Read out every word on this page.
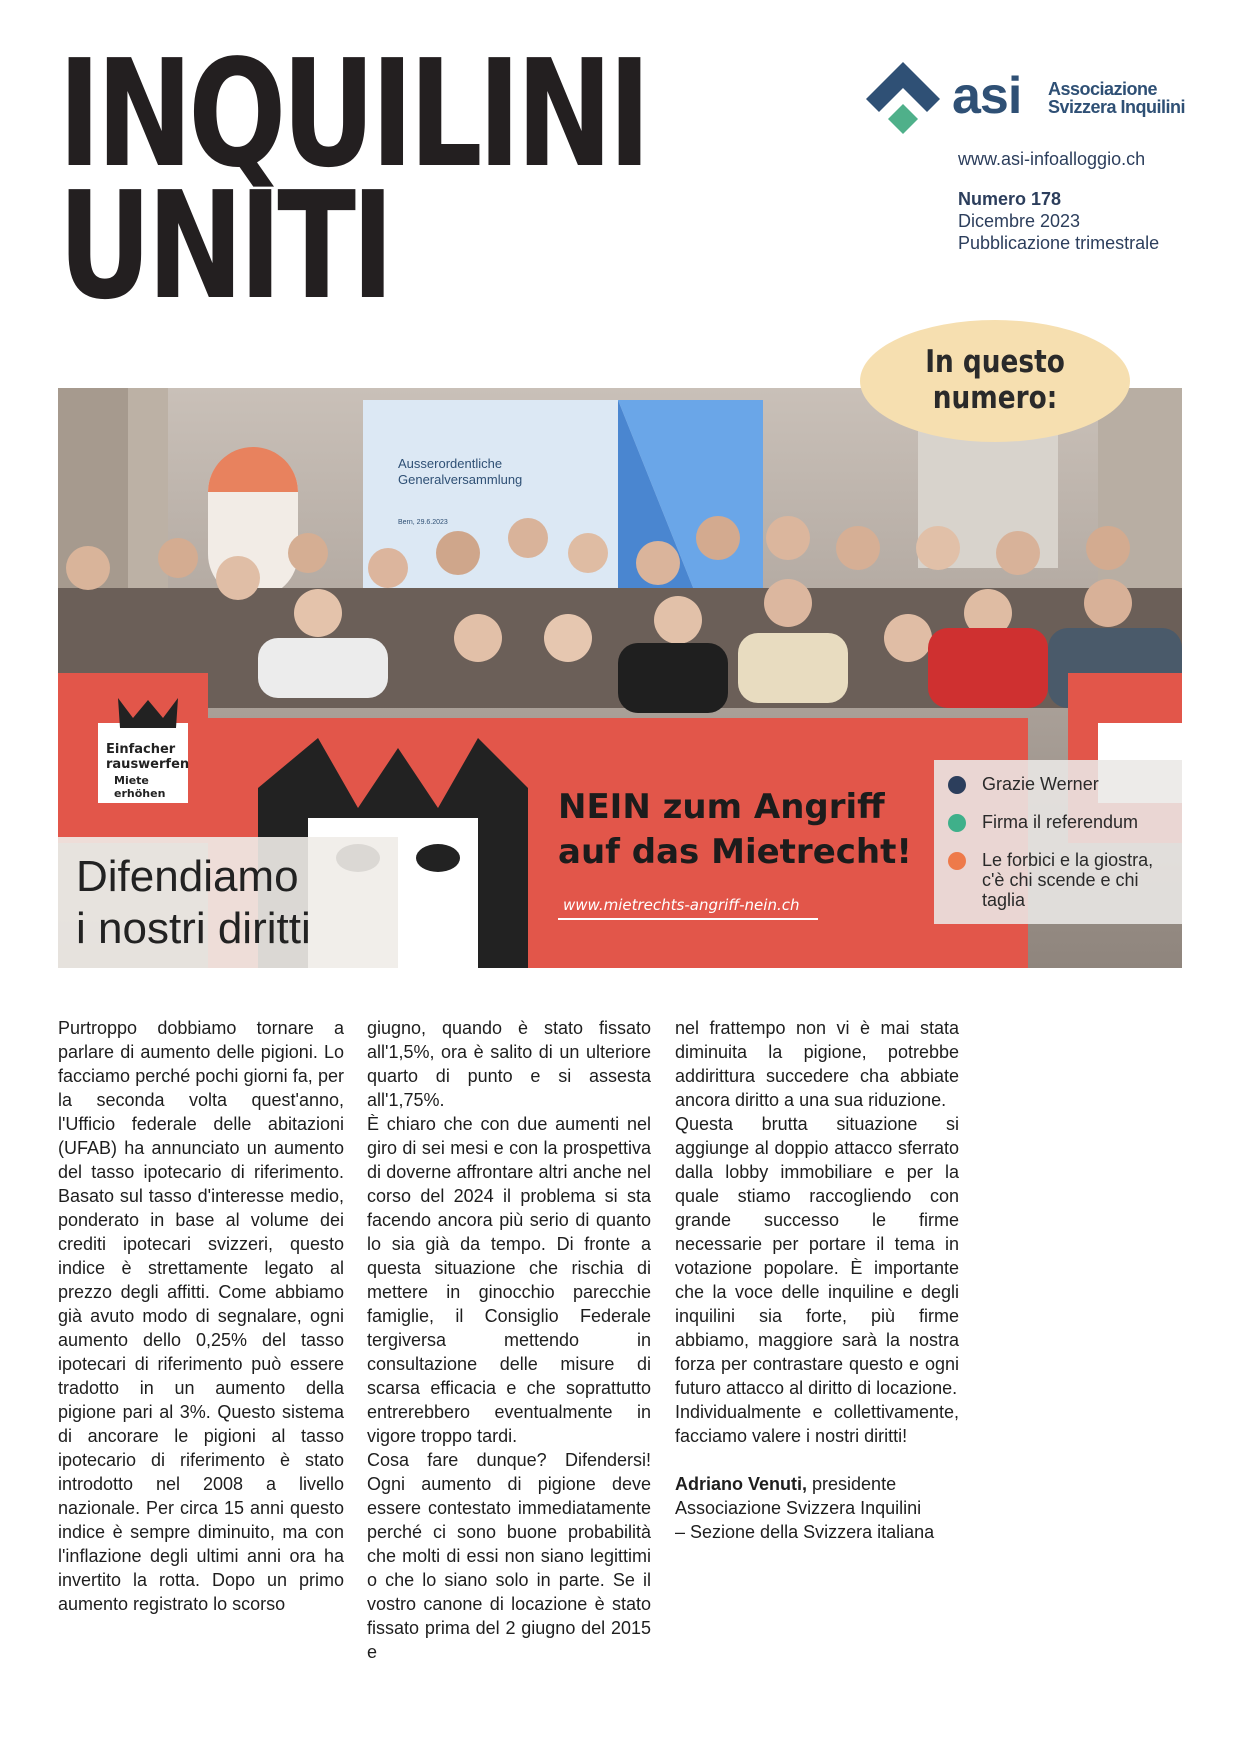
INQUILINI
UNITI
asi Associazione
Svizzera Inquilini
www.asi-infoalloggio.ch
Numero 178
Dicembre 2023
Pubblicazione trimestrale
Ausserordentliche
Generalversammlung
Bern, 29.6.2023
Einfacher
rauswerfen
Miete
erhöhen	NEIN zum Angriff
auf das Mietrecht!
www.mietrechts-angriff-nein.ch
Difendiamo
i nostri diritti
In questo
numero:
Grazie Werner
Firma il referendum
Le forbici e la giostra, c'è chi scende e chi taglia

Purtroppo dobbiamo tornare a parlare di aumento delle pigioni. Lo facciamo perché pochi giorni fa, per la seconda volta quest'anno, l'Ufficio federale delle abitazioni (UFAB) ha annunciato un aumento del tasso ipotecario di riferimento. Basato sul tasso d'interesse medio, ponderato in base al volume dei crediti ipotecari svizzeri, questo indice è strettamente legato al prezzo degli affitti. Come abbiamo già avuto modo di segnalare, ogni aumento dello 0,25% del tasso ipotecari di riferimento può essere tradotto in un aumento della pigione pari al 3%. Questo sistema di ancorare le pigioni al tasso ipotecario di riferimento è stato introdotto nel 2008 a livello nazionale. Per circa 15 anni questo indice è sempre diminuito, ma con l'inflazione degli ultimi anni ora ha invertito la rotta. Dopo un primo aumento registrato lo scorso

giugno, quando è stato fissato all'1,5%, ora è salito di un ulteriore quarto di punto e si assesta all'1,75%.

È chiaro che con due aumenti nel giro di sei mesi e con la prospettiva di doverne affrontare altri anche nel corso del 2024 il problema si sta facendo ancora più serio di quanto lo sia già da tempo. Di fronte a questa situazione che rischia di mettere in ginocchio parecchie famiglie, il Consiglio Federale tergiversa mettendo in consultazione delle misure di scarsa efficacia e che soprattutto entrerebbero eventualmente in vigore troppo tardi.

Cosa fare dunque? Difendersi! Ogni aumento di pigione deve essere contestato immediatamente perché ci sono buone probabilità che molti di essi non siano legittimi o che lo siano solo in parte. Se il vostro canone di locazione è stato fissato prima del 2 giugno del 2015 e

nel frattempo non vi è mai stata diminuita la pigione, potrebbe addirittura succedere cha abbiate ancora diritto a una sua riduzione.

Questa brutta situazione si aggiunge al doppio attacco sferrato dalla lobby immobiliare e per la quale stiamo raccogliendo con grande successo le firme necessarie per portare il tema in votazione popolare. È importante che la voce delle inquiline e degli inquilini sia forte, più firme abbiamo, maggiore sarà la nostra forza per contrastare questo e ogni futuro attacco al diritto di locazione.

Individualmente e collettivamente, facciamo valere i nostri diritti!

Adriano Venuti, presidente
Associazione Svizzera Inquilini
– Sezione della Svizzera italiana
